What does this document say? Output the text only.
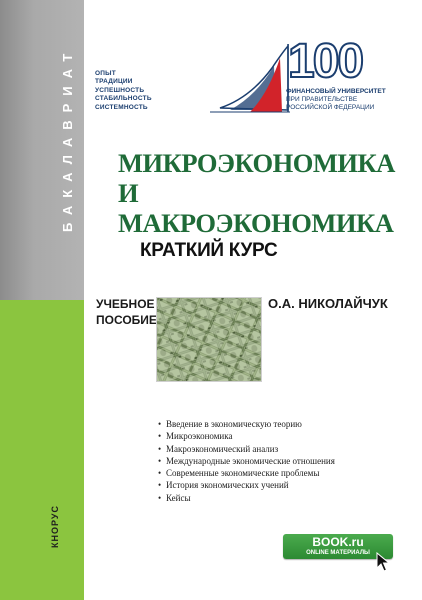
БАКАЛАВРИАТ
КНОРУС
ОПЫТ
ТРАДИЦИИ
УСПЕШНОСТЬ
СТАБИЛЬНОСТЬ
СИСТЕМНОСТЬ
100
ФИНАНСОВЫЙ УНИВЕРСИТЕТ
ПРИ ПРАВИТЕЛЬСТВЕ
РОССИЙСКОЙ ФЕДЕРАЦИИ
МИКРОЭКОНОМИКА
И МАКРОЭКОНОМИКА
КРАТКИЙ КУРС
УЧЕБНОЕ
ПОСОБИЕ
О.А. НИКОЛАЙЧУК
• Введение в экономическую теорию
• Микроэкономика
• Макроэкономический анализ
• Международные экономические отношения
• Современные экономические проблемы
• История экономических учений
• Кейсы
BOOK.ru
ONLINE МАТЕРИАЛЫ
